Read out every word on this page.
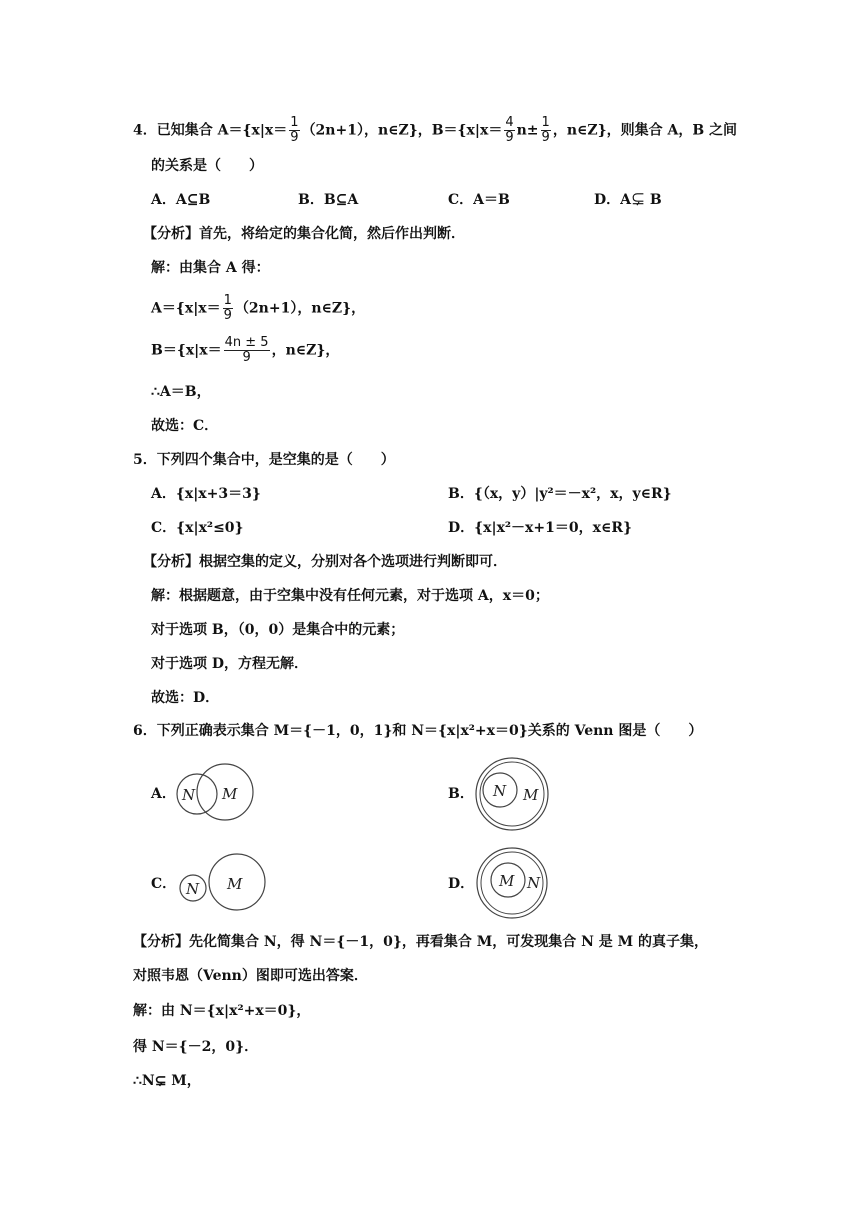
4．已知集合 $A=\{x|x= \frac{1}{9} (2n+1)$，n∈Z}，$B=\{x|x= \frac{4}{9} n\pm \frac{1}{9}$ ，n∈Z}，则集合 A，B 之间
的关系是（　　）
A．A⊆B	B．B⊆A	C．A＝B	D．A⊊ B
【分析】首先，将给定的集合化简，然后作出判断．
解：由集合 A 得：
$A=\{x|x= \frac{1}{9} (2n+1)$，n∈Z}，
$B=\{x|x= \frac{4n \pm 5}{9}$ ，n∈Z}，
∴A＝B，
故选：C．
5．下列四个集合中，是空集的是（　　）
A．{x|x+3＝3}	B．{（x，y）|y²＝－x²，x，y∈R}
C．{x|x²≤0}	D．{x|x²－x+1＝0，x∈R}
【分析】根据空集的定义，分别对各个选项进行判断即可．
解：根据题意，由于空集中没有任何元素，对于选项 A，x＝0；
对于选项 B，（0，0）是集合中的元素；
对于选项 D，方程无解．
故选：D．
6．下列正确表示集合 M＝{－1，0，1}和 N＝{x|x²+x＝0}关系的 Venn 图是（　　）
A． N M	B． N M
C． N M	D． M N
【分析】先化简集合 N，得 N＝{－1，0}，再看集合 M，可发现集合 N 是 M 的真子集，
对照韦恩（Venn）图即可选出答案．
解：由 N＝{x|x²+x＝0}，
得 N＝{－2，0}．
∴N⊊ M，
